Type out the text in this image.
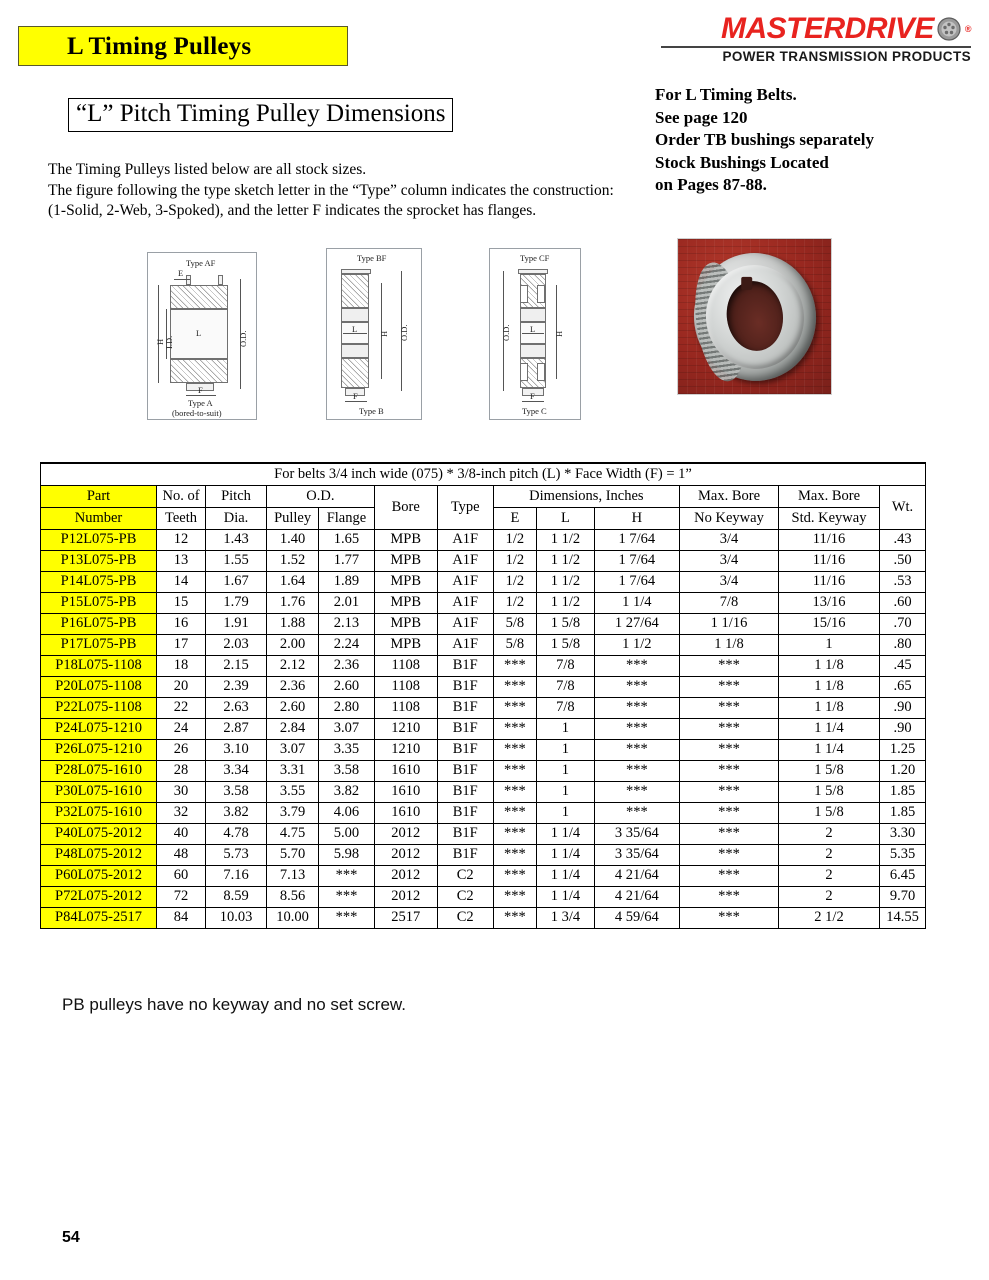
L Timing Pulleys
MASTERDRIVE	®
POWER TRANSMISSION PRODUCTS
“L” Pitch Timing Pulley Dimensions
The Timing Pulleys listed below are all stock sizes.
The figure following the type sketch letter in the “Type” column indicates the construction:
(1-Solid, 2-Web, 3-Spoked), and the letter F indicates the sprocket has flanges.
For L Timing Belts.
See page 120
Order TB bushings separately
Stock Bushings Located
on Pages 87-88.
Type AF
E
H I.D.
L	O.D.
F
Type A
(bored-to-suit)
Type BF
H O.D.
L
F
Type B
Type CF
O.D.	H
L
F
Type C
For belts 3/4 inch wide (075) * 3/8-inch pitch (L) * Face Width (F) = 1”												
Part	No. of	Pitch	O.D.		Bore	Type	Dimensions, Inches			Max. Bore	Max. Bore	Wt.
Number	Teeth	Dia.	Pulley	Flange			E	L	H	No Keyway	Std. Keyway	
P12L075-PB	12	1.43	1.40	1.65	MPB	A1F	1/2	1 1/2	1 7/64	3/4	11/16	.43
P13L075-PB	13	1.55	1.52	1.77	MPB	A1F	1/2	1 1/2	1 7/64	3/4	11/16	.50
P14L075-PB	14	1.67	1.64	1.89	MPB	A1F	1/2	1 1/2	1 7/64	3/4	11/16	.53
P15L075-PB	15	1.79	1.76	2.01	MPB	A1F	1/2	1 1/2	1 1/4	7/8	13/16	.60
P16L075-PB	16	1.91	1.88	2.13	MPB	A1F	5/8	1 5/8	1 27/64	1 1/16	15/16	.70
P17L075-PB	17	2.03	2.00	2.24	MPB	A1F	5/8	1 5/8	1 1/2	1 1/8	1	.80
P18L075-1108	18	2.15	2.12	2.36	1108	B1F	***	7/8	***	***	1 1/8	.45
P20L075-1108	20	2.39	2.36	2.60	1108	B1F	***	7/8	***	***	1 1/8	.65
P22L075-1108	22	2.63	2.60	2.80	1108	B1F	***	7/8	***	***	1 1/8	.90
P24L075-1210	24	2.87	2.84	3.07	1210	B1F	***	1	***	***	1 1/4	.90
P26L075-1210	26	3.10	3.07	3.35	1210	B1F	***	1	***	***	1 1/4	1.25
P28L075-1610	28	3.34	3.31	3.58	1610	B1F	***	1	***	***	1 5/8	1.20
P30L075-1610	30	3.58	3.55	3.82	1610	B1F	***	1	***	***	1 5/8	1.85
P32L075-1610	32	3.82	3.79	4.06	1610	B1F	***	1	***	***	1 5/8	1.85
P40L075-2012	40	4.78	4.75	5.00	2012	B1F	***	1 1/4	3 35/64	***	2	3.30
P48L075-2012	48	5.73	5.70	5.98	2012	B1F	***	1 1/4	3 35/64	***	2	5.35
P60L075-2012	60	7.16	7.13	***	2012	C2	***	1 1/4	4 21/64	***	2	6.45
P72L075-2012	72	8.59	8.56	***	2012	C2	***	1 1/4	4 21/64	***	2	9.70
P84L075-2517	84	10.03	10.00	***	2517	C2	***	1 3/4	4 59/64	***	2 1/2	14.55
PB pulleys have no keyway and no set screw.
54
